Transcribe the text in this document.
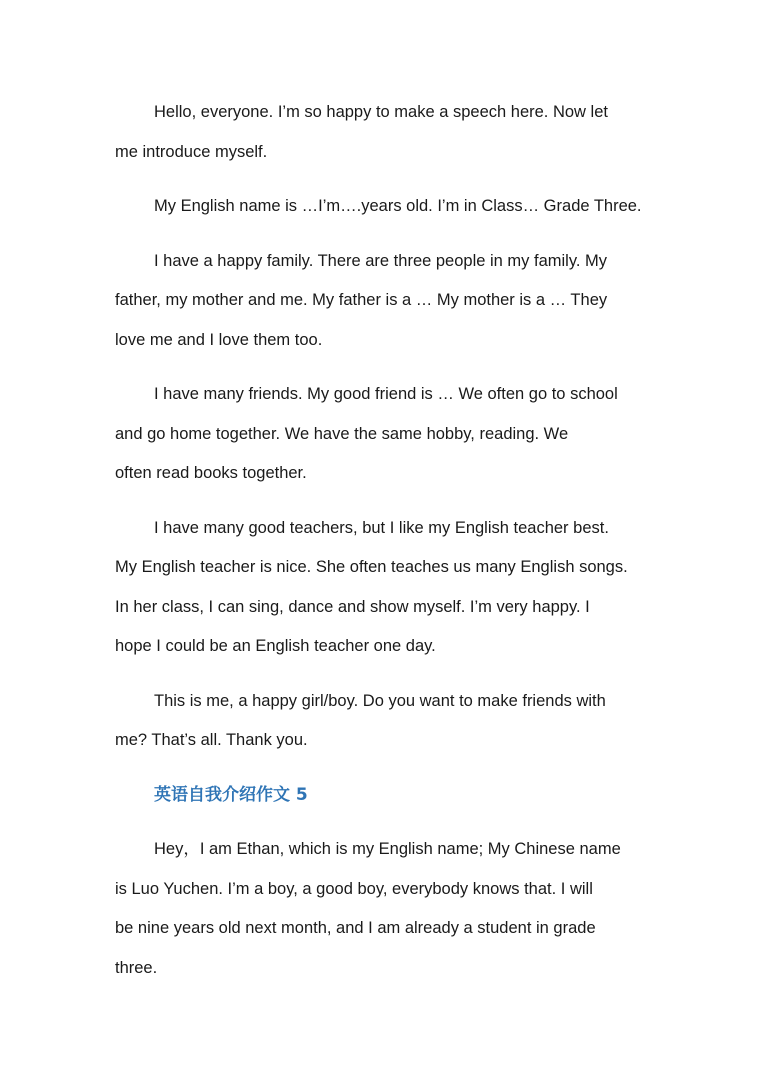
Hello, everyone. I’m so happy to make a speech here. Now let
me introduce myself.

My English name is …I’m….years old. I’m in Class… Grade Three.

I have a happy family. There are three people in my family. My
father, my mother and me. My father is a … My mother is a … They
love me and I love them too.

I have many friends. My good friend is … We often go to school
and go home together. We have the same hobby, reading. We
often read books together.

I have many good teachers, but I like my English teacher best.
My English teacher is nice. She often teaches us many English songs.
In her class, I can sing, dance and show myself. I’m very happy. I
hope I could be an English teacher one day.

This is me, a happy girl/boy. Do you want to make friends with
me? That’s all. Thank you.

英语自我介绍作文 5

Hey，I am Ethan, which is my English name; My Chinese name
is Luo Yuchen. I’m a boy, a good boy, everybody knows that. I will
be nine years old next month, and I am already a student in grade
three.
